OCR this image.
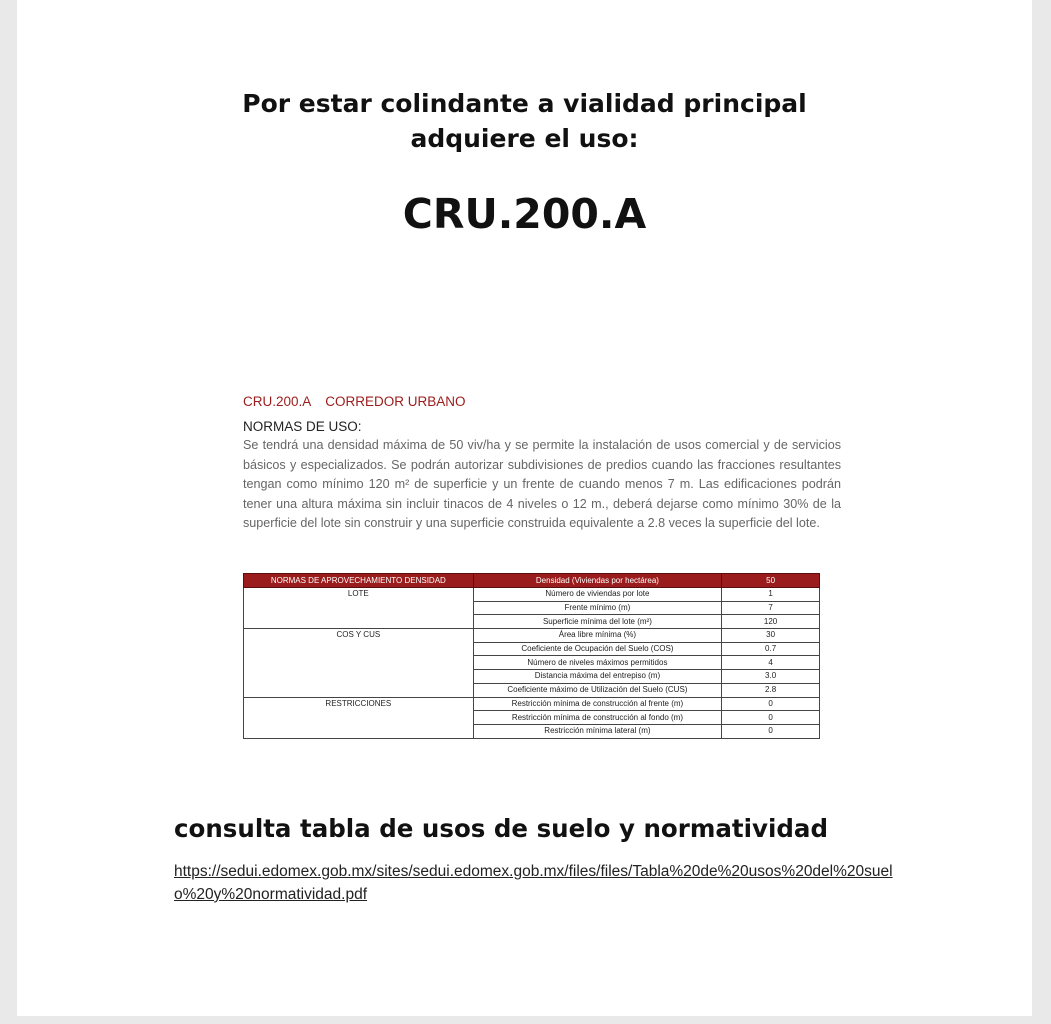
Por estar colindante a vialidad principal
adquiere el uso:
CRU.200.A
CRU.200.A CORREDOR URBANO
NORMAS DE USO:
Se tendrá una densidad máxima de 50 viv/ha y se permite la instalación de usos comercial y de servicios básicos y especializados. Se podrán autorizar subdivisiones de predios cuando las fracciones resultantes tengan como mínimo 120 m² de superficie y un frente de cuando menos 7 m. Las edificaciones podrán tener una altura máxima sin incluir tinacos de 4 niveles o 12 m., deberá dejarse como mínimo 30% de la superficie del lote sin construir y una superficie construida equivalente a 2.8 veces la superficie del lote.
NORMAS DE APROVECHAMIENTO DENSIDAD	Densidad (Viviendas por hectárea)	50
LOTE	Número de viviendas por lote	1
	Frente mínimo (m)	7
	Superficie mínima del lote (m²)	120
COS Y CUS	Área libre mínima (%)	30
	Coeficiente de Ocupación del Suelo (COS)	0.7
	Número de niveles máximos permitidos	4
	Distancia máxima del entrepiso (m)	3.0
	Coeficiente máximo de Utilización del Suelo (CUS)	2.8
RESTRICCIONES	Restricción mínima de construcción al frente (m)	0
	Restricción mínima de construcción al fondo (m)	0
	Restricción mínima lateral (m)	0
consulta tabla de usos de suelo y normatividad
https://sedui.edomex.gob.mx/sites/sedui.edomex.gob.mx/files/files/Tabla%20de%20usos%20del%20suelo%20y%20normatividad.pdf
